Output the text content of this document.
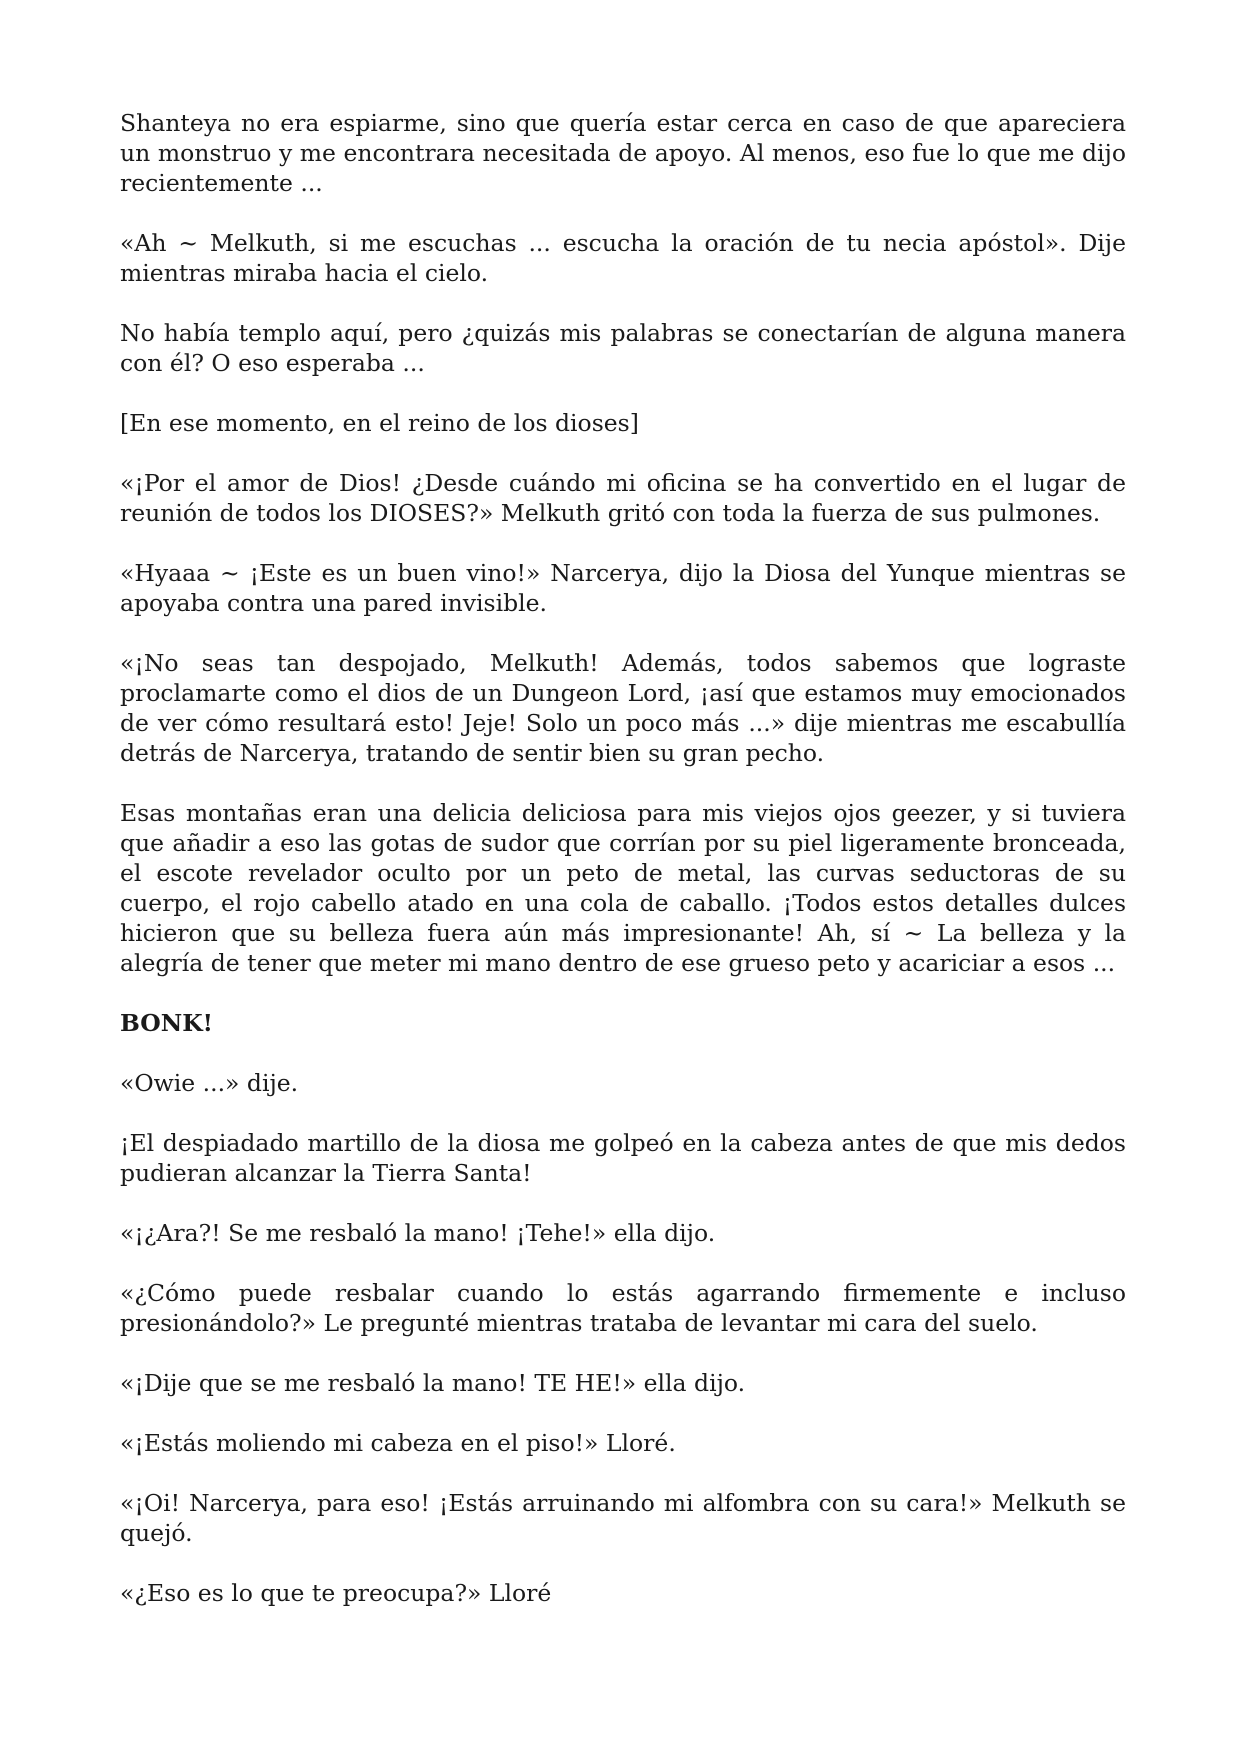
Shanteya no era espiarme, sino que quería estar cerca en caso de que apareciera un monstruo y me encontrara necesitada de apoyo. Al menos, eso fue lo que me dijo recientemente ...

«Ah ~ Melkuth, si me escuchas ... escucha la oración de tu necia apóstol». Dije mientras miraba hacia el cielo.

No había templo aquí, pero ¿quizás mis palabras se conectarían de alguna manera con él? O eso esperaba ...

[En ese momento, en el reino de los dioses]

«¡Por el amor de Dios! ¿Desde cuándo mi oficina se ha convertido en el lugar de reunión de todos los DIOSES?» Melkuth gritó con toda la fuerza de sus pulmones.

«Hyaaa ~ ¡Este es un buen vino!» Narcerya, dijo la Diosa del Yunque mientras se apoyaba contra una pared invisible.

«¡No seas tan despojado, Melkuth! Además, todos sabemos que lograste proclamarte como el dios de un Dungeon Lord, ¡así que estamos muy emocionados de ver cómo resultará esto! Jeje! Solo un poco más ...» dije mientras me escabullía detrás de Narcerya, tratando de sentir bien su gran pecho.

Esas montañas eran una delicia deliciosa para mis viejos ojos geezer, y si tuviera que añadir a eso las gotas de sudor que corrían por su piel ligeramente bronceada, el escote revelador oculto por un peto de metal, las curvas seductoras de su cuerpo, el rojo cabello atado en una cola de caballo. ¡Todos estos detalles dulces hicieron que su belleza fuera aún más impresionante! Ah, sí ~ La belleza y la alegría de tener que meter mi mano dentro de ese grueso peto y acariciar a esos ...

BONK!

«Owie ...» dije.

¡El despiadado martillo de la diosa me golpeó en la cabeza antes de que mis dedos pudieran alcanzar la Tierra Santa!

«¡¿Ara?! Se me resbaló la mano! ¡Tehe!» ella dijo.

«¿Cómo puede resbalar cuando lo estás agarrando firmemente e incluso presionándolo?» Le pregunté mientras trataba de levantar mi cara del suelo.

«¡Dije que se me resbaló la mano! TE HE!» ella dijo.

«¡Estás moliendo mi cabeza en el piso!» Lloré.

«¡Oi! Narcerya, para eso! ¡Estás arruinando mi alfombra con su cara!» Melkuth se quejó.

«¿Eso es lo que te preocupa?» Lloré
